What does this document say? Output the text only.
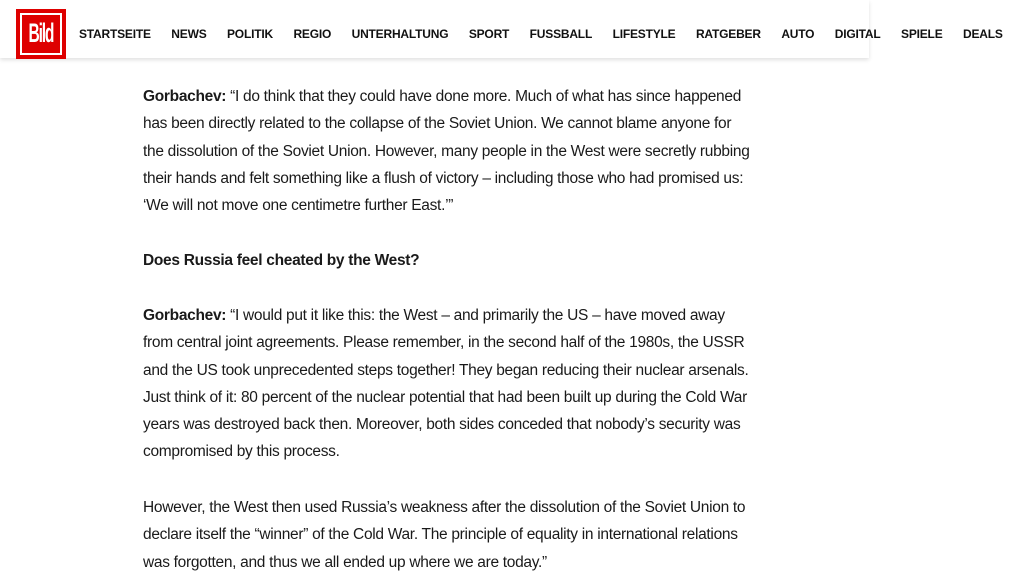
Bild STARTSEITE NEWS POLITIK REGIO UNTERHALTUNG SPORT FUSSBALL LIFESTYLE RATGEBER AUTO DIGITAL SPIELE DEALS

Gorbachev: “I do think that they could have done more. Much of what has since happened has been directly related to the collapse of the Soviet Union. We cannot blame anyone for the dissolution of the Soviet Union. However, many people in the West were secretly rubbing their hands and felt something like a flush of victory – including those who had promised us: ‘We will not move one centimetre further East.’”

Does Russia feel cheated by the West?

Gorbachev: “I would put it like this: the West – and primarily the US – have moved away from central joint agreements. Please remember, in the second half of the 1980s, the USSR and the US took unprecedented steps together! They began reducing their nuclear arsenals. Just think of it: 80 percent of the nuclear potential that had been built up during the Cold War years was destroyed back then. Moreover, both sides conceded that nobody’s security was compromised by this process.

However, the West then used Russia’s weakness after the dissolution of the Soviet Union to declare itself the “winner” of the Cold War. The principle of equality in international relations was forgotten, and thus we all ended up where we are today.”
